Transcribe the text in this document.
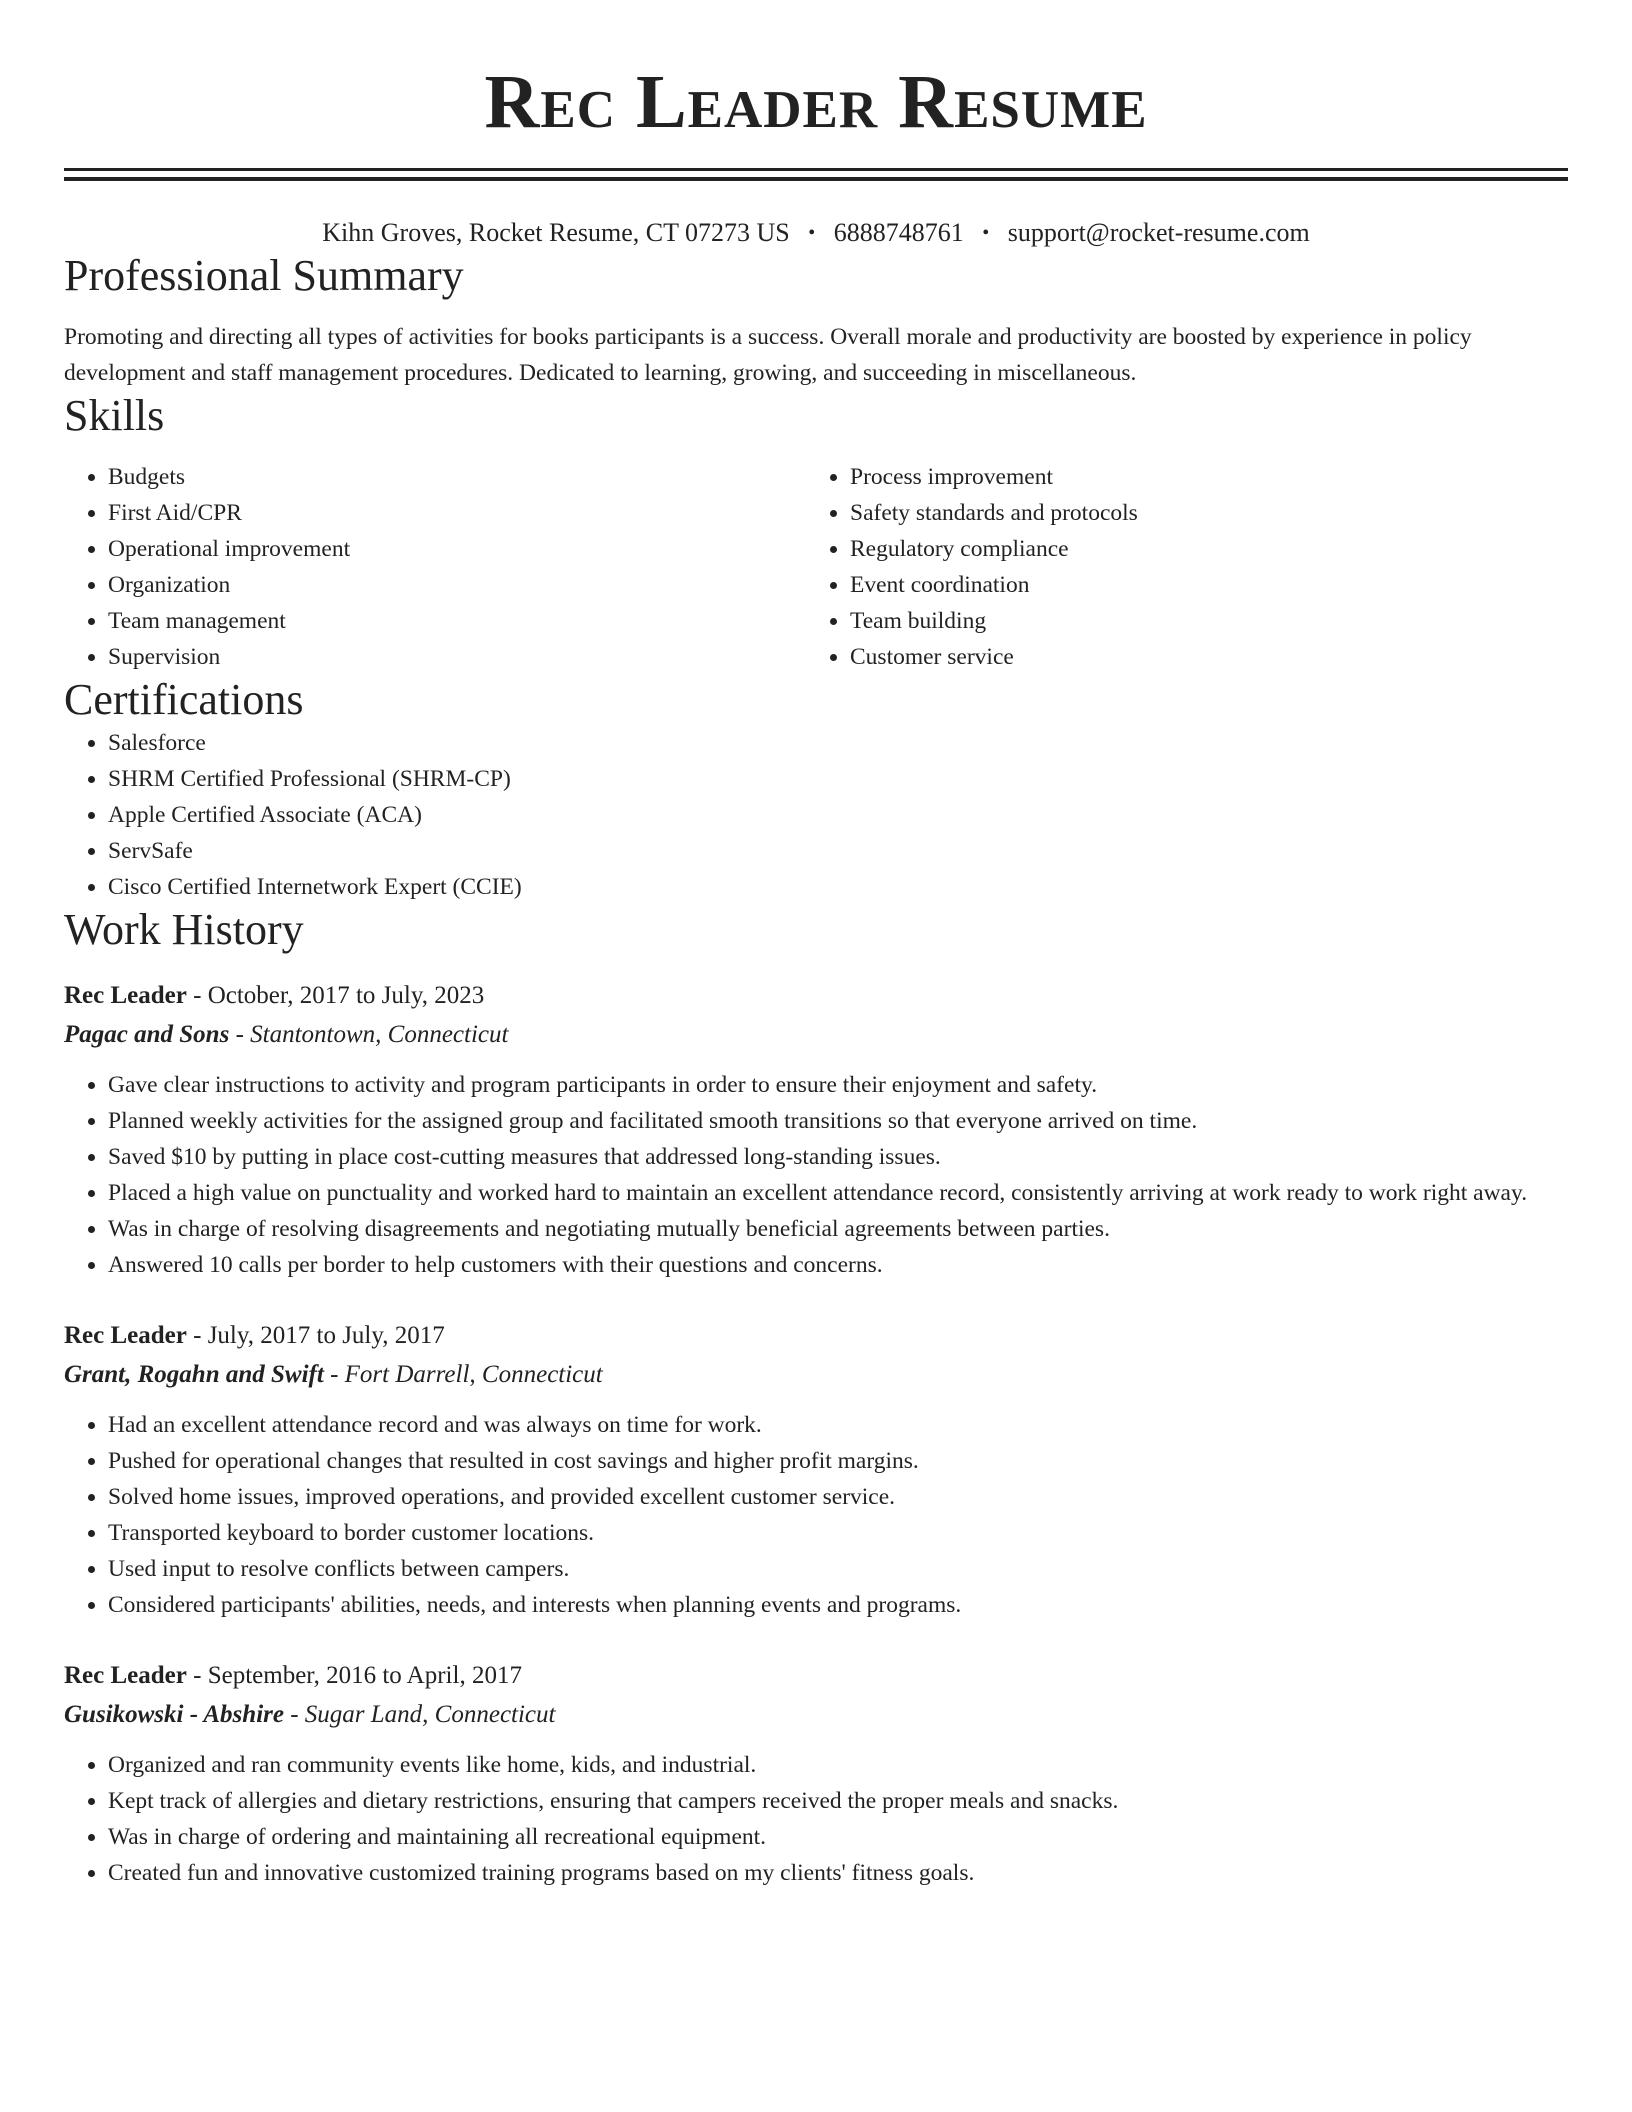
Rec Leader Resume
Kihn Groves, Rocket Resume, CT 07273 US • 6888748761 • support@rocket-resume.com
Professional Summary
Promoting and directing all types of activities for books participants is a success. Overall morale and productivity are boosted by experience in policy development and staff management procedures. Dedicated to learning, growing, and succeeding in miscellaneous.
Skills
• Budgets
• First Aid/CPR
• Operational improvement
• Organization
• Team management
• Supervision
• Process improvement
• Safety standards and protocols
• Regulatory compliance
• Event coordination
• Team building
• Customer service
Certifications
• Salesforce
• SHRM Certified Professional (SHRM-CP)
• Apple Certified Associate (ACA)
• ServSafe
• Cisco Certified Internetwork Expert (CCIE)
Work History
Rec Leader - October, 2017 to July, 2023
Pagac and Sons - Stantontown, Connecticut
• Gave clear instructions to activity and program participants in order to ensure their enjoyment and safety.
• Planned weekly activities for the assigned group and facilitated smooth transitions so that everyone arrived on time.
• Saved $10 by putting in place cost-cutting measures that addressed long-standing issues.
• Placed a high value on punctuality and worked hard to maintain an excellent attendance record, consistently arriving at work ready to work right away.
• Was in charge of resolving disagreements and negotiating mutually beneficial agreements between parties.
• Answered 10 calls per border to help customers with their questions and concerns.
Rec Leader - July, 2017 to July, 2017
Grant, Rogahn and Swift - Fort Darrell, Connecticut
• Had an excellent attendance record and was always on time for work.
• Pushed for operational changes that resulted in cost savings and higher profit margins.
• Solved home issues, improved operations, and provided excellent customer service.
• Transported keyboard to border customer locations.
• Used input to resolve conflicts between campers.
• Considered participants' abilities, needs, and interests when planning events and programs.
Rec Leader - September, 2016 to April, 2017
Gusikowski - Abshire - Sugar Land, Connecticut
• Organized and ran community events like home, kids, and industrial.
• Kept track of allergies and dietary restrictions, ensuring that campers received the proper meals and snacks.
• Was in charge of ordering and maintaining all recreational equipment.
• Created fun and innovative customized training programs based on my clients' fitness goals.
